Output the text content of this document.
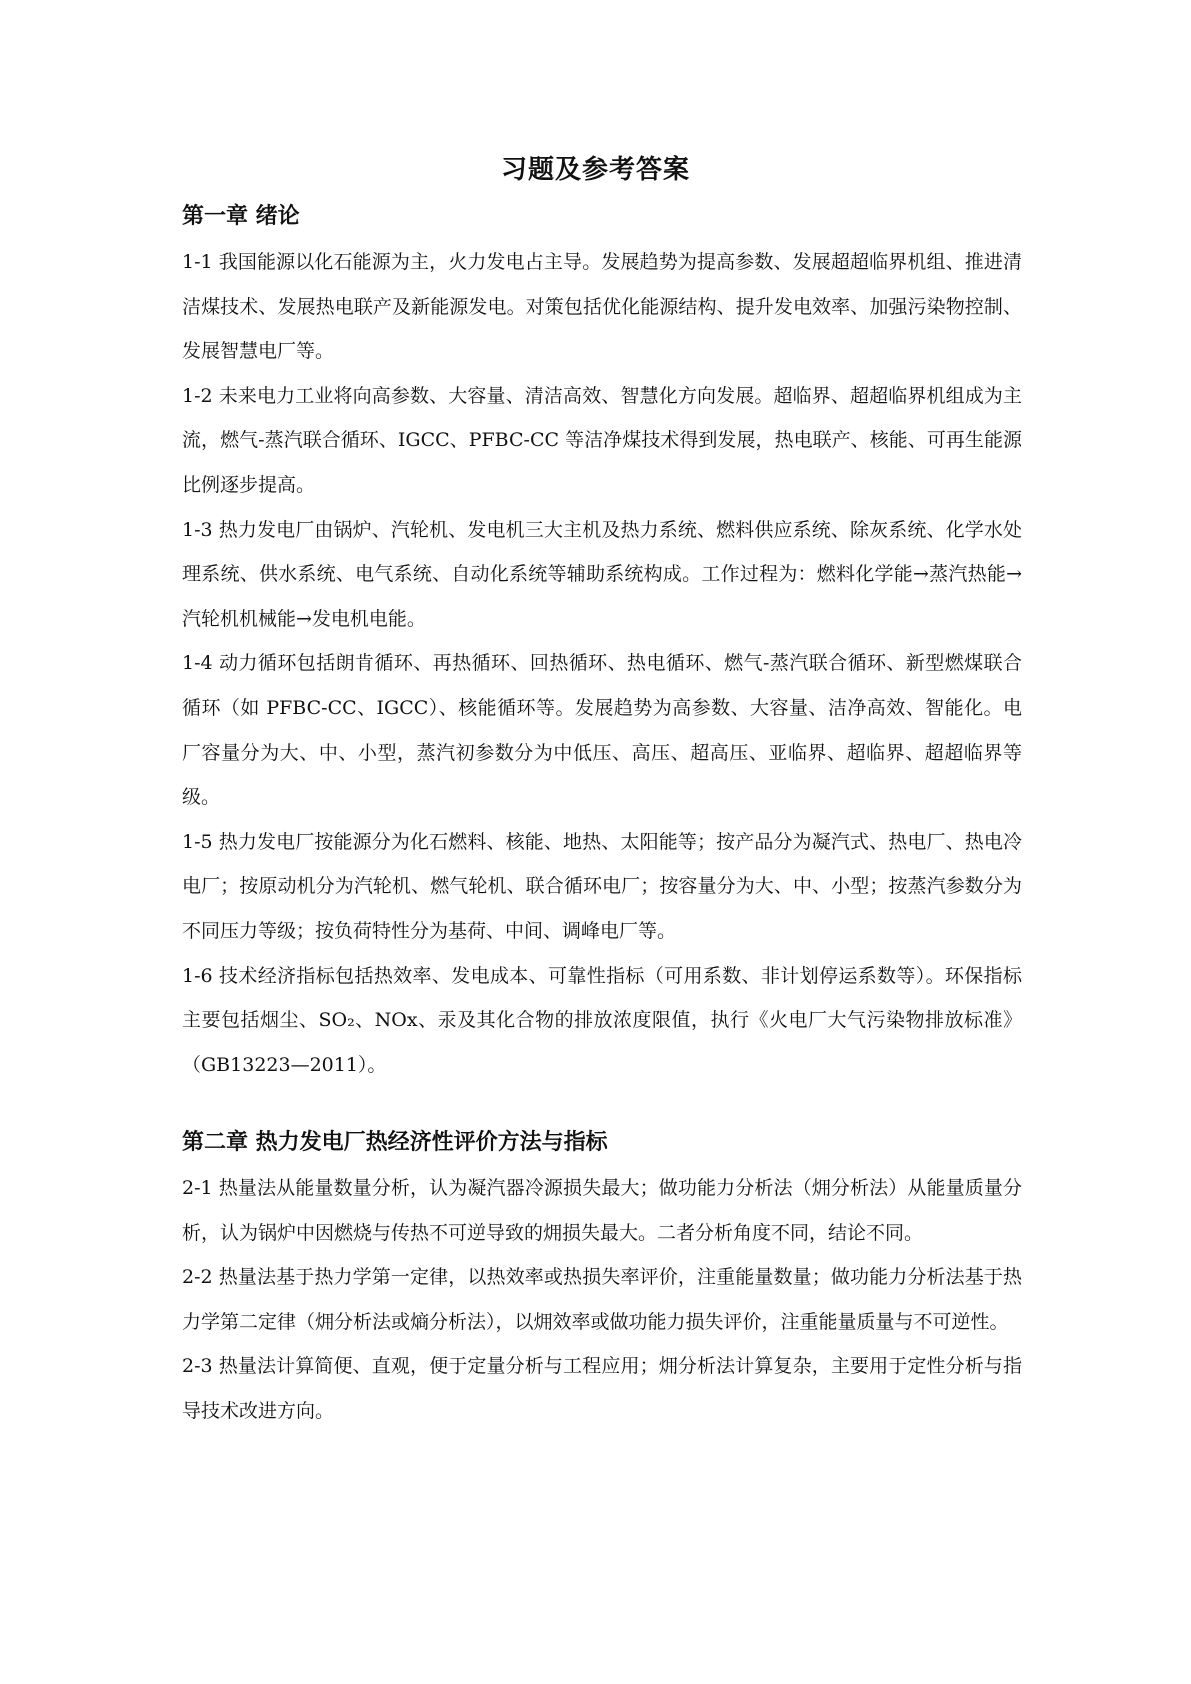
习题及参考答案
第一章 绪论

1-1 我国能源以化石能源为主，火力发电占主导。发展趋势为提高参数、发展超超临界机组、推进清洁煤技术、发展热电联产及新能源发电。对策包括优化能源结构、提升发电效率、加强污染物控制、发展智慧电厂等。

1-2 未来电力工业将向高参数、大容量、清洁高效、智慧化方向发展。超临界、超超临界机组成为主流，燃气-蒸汽联合循环、IGCC、PFBC-CC 等洁净煤技术得到发展，热电联产、核能、可再生能源比例逐步提高。

1-3 热力发电厂由锅炉、汽轮机、发电机三大主机及热力系统、燃料供应系统、除灰系统、化学水处理系统、供水系统、电气系统、自动化系统等辅助系统构成。工作过程为：燃料化学能→蒸汽热能→汽轮机机械能→发电机电能。

1-4 动力循环包括朗肯循环、再热循环、回热循环、热电循环、燃气-蒸汽联合循环、新型燃煤联合循环（如 PFBC-CC、IGCC）、核能循环等。发展趋势为高参数、大容量、洁净高效、智能化。电厂容量分为大、中、小型，蒸汽初参数分为中低压、高压、超高压、亚临界、超临界、超超临界等级。

1-5 热力发电厂按能源分为化石燃料、核能、地热、太阳能等；按产品分为凝汽式、热电厂、热电冷电厂；按原动机分为汽轮机、燃气轮机、联合循环电厂；按容量分为大、中、小型；按蒸汽参数分为不同压力等级；按负荷特性分为基荷、中间、调峰电厂等。

1-6 技术经济指标包括热效率、发电成本、可靠性指标（可用系数、非计划停运系数等）。环保指标主要包括烟尘、SO₂、NOx、汞及其化合物的排放浓度限值，执行《火电厂大气污染物排放标准》（GB13223—2011）。

第二章 热力发电厂热经济性评价方法与指标

2-1 热量法从能量数量分析，认为凝汽器冷源损失最大；做功能力分析法（㶲分析法）从能量质量分析，认为锅炉中因燃烧与传热不可逆导致的㶲损失最大。二者分析角度不同，结论不同。

2-2 热量法基于热力学第一定律，以热效率或热损失率评价，注重能量数量；做功能力分析法基于热力学第二定律（㶲分析法或熵分析法），以㶲效率或做功能力损失评价，注重能量质量与不可逆性。

2-3 热量法计算简便、直观，便于定量分析与工程应用；㶲分析法计算复杂，主要用于定性分析与指导技术改进方向。
